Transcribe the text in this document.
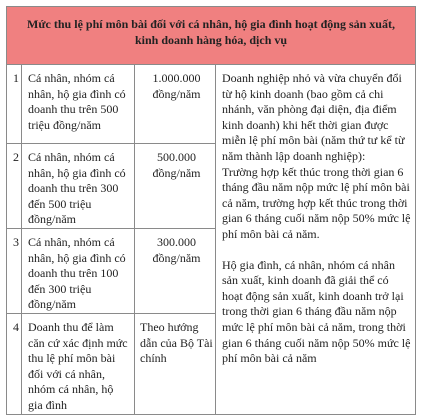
Mức thu lệ phí môn bài đối với cá nhân, hộ gia đình hoạt động sản xuất, kinh doanh hàng hóa, dịch vụ			
1	Cá nhân, nhóm cá nhân, hộ gia đình có doanh thu trên 500 triệu đồng/năm	1.000.000 đồng/năm	Doanh nghiệp nhỏ và vừa chuyển đổi từ hộ kinh doanh (bao gồm cả chi nhánh, văn phòng đại diện, địa điểm kinh doanh) khi hết thời gian được miễn lệ phí môn bài (năm thứ tư kể từ năm thành lập doanh nghiệp):
Trường hợp kết thúc trong thời gian 6 tháng đầu năm nộp mức lệ phí môn bài cả năm, trường hợp kết thúc trong thời gian 6 tháng cuối năm nộp 50% mức lệ phí môn bài cả năm.
Hộ gia đình, cá nhân, nhóm cá nhân sản xuất, kinh doanh đã giải thể có hoạt động sản xuất, kinh doanh trở lại trong thời gian 6 tháng đầu năm nộp mức lệ phí môn bài cả năm, trong thời gian 6 tháng cuối năm nộp 50% mức lệ phí môn bài cả năm

2	Cá nhân, nhóm cá nhân, hộ gia đình có doanh thu trên 300 đến 500 triệu đồng/năm	500.000 đồng/năm	

3	Cá nhân, nhóm cá nhân, hộ gia đình có doanh thu trên 100 đến 300 triệu đồng/năm	300.000 đồng/năm	

4	Doanh thu để làm căn cứ xác định mức thu lệ phí môn bài đối với cá nhân, nhóm cá nhân, hộ gia đình	Theo hướng dẫn của Bộ Tài chính	
